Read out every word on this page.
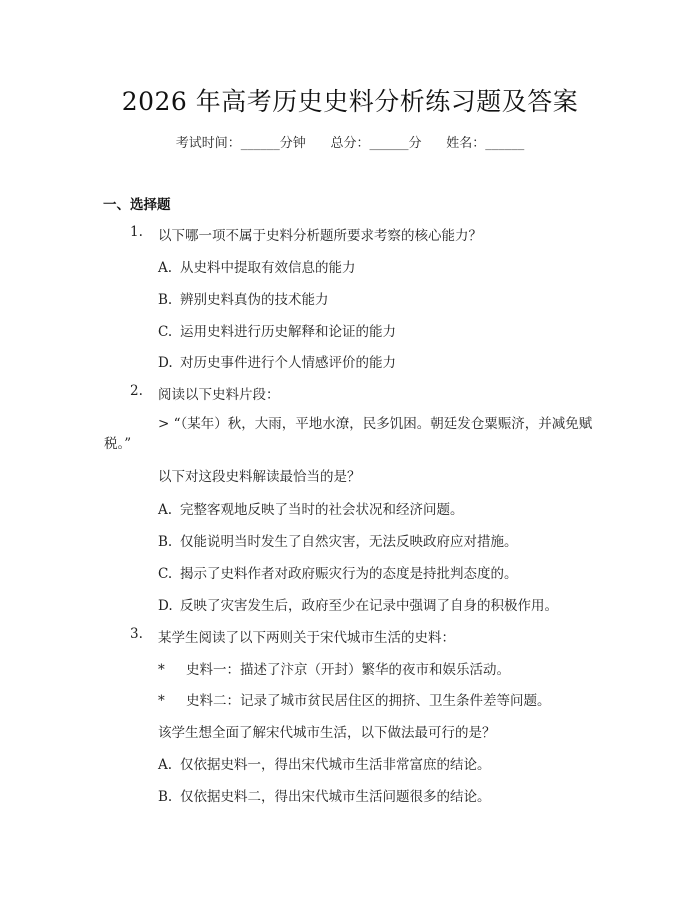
2026 年高考历史史料分析练习题及答案
考试时间：______分钟      总分：______分      姓名：______
一、选择题
1. 以下哪一项不属于史料分析题所要求考察的核心能力？
A. 从史料中提取有效信息的能力
B. 辨别史料真伪的技术能力
C. 运用史料进行历史解释和论证的能力
D. 对历史事件进行个人情感评价的能力
2. 阅读以下史料片段：
> “（某年）秋，大雨，平地水潦，民多饥困。朝廷发仓粟赈济，并减免赋税。”
以下对这段史料解读最恰当的是？
A. 完整客观地反映了当时的社会状况和经济问题。
B. 仅能说明当时发生了自然灾害，无法反映政府应对措施。
C. 揭示了史料作者对政府赈灾行为的态度是持批判态度的。
D. 反映了灾害发生后，政府至少在记录中强调了自身的积极作用。
3. 某学生阅读了以下两则关于宋代城市生活的史料：
* 史料一：描述了汴京（开封）繁华的夜市和娱乐活动。
* 史料二：记录了城市贫民居住区的拥挤、卫生条件差等问题。
该学生想全面了解宋代城市生活，以下做法最可行的是？
A. 仅依据史料一，得出宋代城市生活非常富庶的结论。
B. 仅依据史料二，得出宋代城市生活问题很多的结论。
